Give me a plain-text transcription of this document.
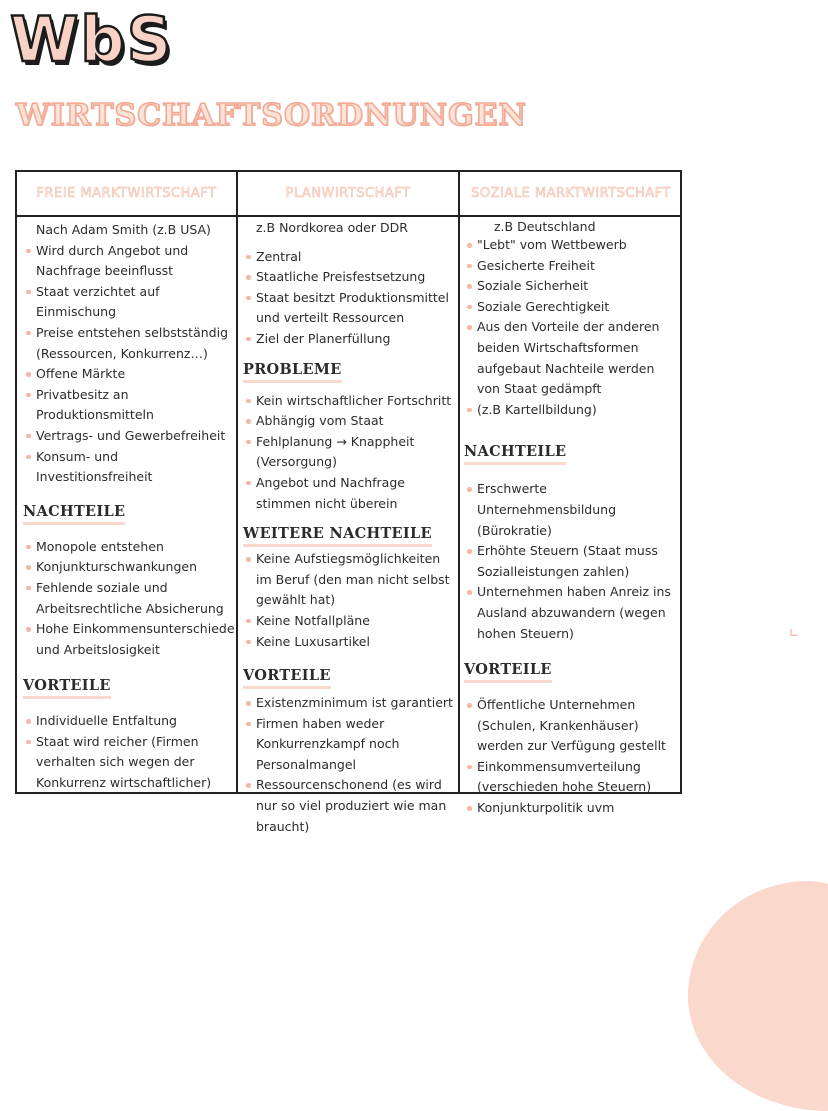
WbS
WIRTSCHAFTSORDNUNGEN
FREIE MARKTWIRTSCHAFT	PLANWIRTSCHAFT	SOZIALE MARKTWIRTSCHAFT

Nach Adam Smith (z.B USA)

Wird durch Angebot und Nachfrage beeinflusst

Staat verzichtet auf Einmischung

Preise entstehen selbstständig (Ressourcen, Konkurrenz…)

Offene Märkte

Privatbesitz an Produktionsmitteln

Vertrags- und Gewerbefreiheit

Konsum- und Investitionsfreiheit

NACHTEILE

Monopole entstehen

Konjunkturschwankungen

Fehlende soziale und Arbeitsrechtliche Absicherung

Hohe Einkommensunterschiede und Arbeitslosigkeit

VORTEILE

Individuelle Entfaltung

Staat wird reicher (Firmen verhalten sich wegen der Konkurrenz wirtschaftlicher)

z.B Nordkorea oder DDR

Zentral

Staatliche Preisfestsetzung

Staat besitzt Produktionsmittel und verteilt Ressourcen

Ziel der Planerfüllung

PROBLEME

Kein wirtschaftlicher Fortschritt

Abhängig vom Staat

Fehlplanung → Knappheit (Versorgung)

Angebot und Nachfrage stimmen nicht überein

WEITERE NACHTEILE

Keine Aufstiegsmöglichkeiten im Beruf (den man nicht selbst gewählt hat)

Keine Notfallpläne

Keine Luxusartikel

VORTEILE

Existenzminimum ist garantiert

Firmen haben weder Konkurrenzkampf noch Personalmangel

Ressourcenschonend (es wird nur so viel produziert wie man braucht)

z.B Deutschland

"Lebt" vom Wettbewerb

Gesicherte Freiheit

Soziale Sicherheit

Soziale Gerechtigkeit

Aus den Vorteile der anderen beiden Wirtschaftsformen aufgebaut Nachteile werden von Staat gedämpft

(z.B Kartellbildung)

NACHTEILE

Erschwerte Unternehmensbildung (Bürokratie)

Erhöhte Steuern (Staat muss Sozialleistungen zahlen)

Unternehmen haben Anreiz ins Ausland abzuwandern (wegen hohen Steuern)

VORTEILE

Öffentliche Unternehmen (Schulen, Krankenhäuser) werden zur Verfügung gestellt

Einkommensumverteilung (verschieden hohe Steuern)

Konjunkturpolitik uvm

∟
